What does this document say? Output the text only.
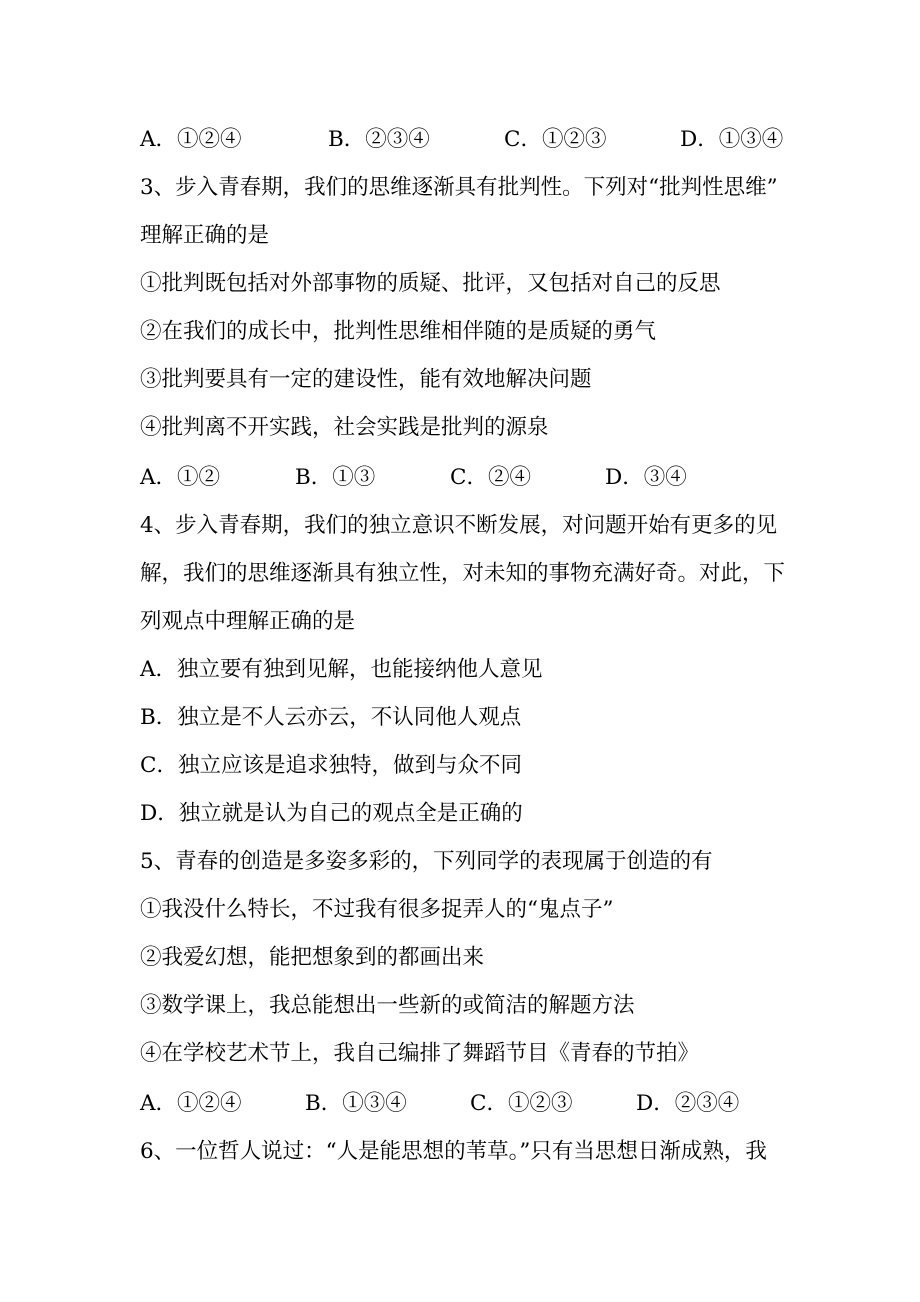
A．①②④	B．②③④	C．①②③	D．①③④
3、步入青春期，我们的思维逐渐具有批判性。下列对“批判性思维”
理解正确的是
①批判既包括对外部事物的质疑、批评，又包括对自己的反思
②在我们的成长中，批判性思维相伴随的是质疑的勇气
③批判要具有一定的建设性，能有效地解决问题
④批判离不开实践，社会实践是批判的源泉
A．①②	B．①③	C．②④	D．③④
4、步入青春期，我们的独立意识不断发展，对问题开始有更多的见
解，我们的思维逐渐具有独立性，对未知的事物充满好奇。对此，下
列观点中理解正确的是
A．独立要有独到见解，也能接纳他人意见
B．独立是不人云亦云，不认同他人观点
C．独立应该是追求独特，做到与众不同
D．独立就是认为自己的观点全是正确的
5、青春的创造是多姿多彩的，下列同学的表现属于创造的有
①我没什么特长，不过我有很多捉弄人的“鬼点子”
②我爱幻想，能把想象到的都画出来
③数学课上，我总能想出一些新的或简洁的解题方法
④在学校艺术节上，我自己编排了舞蹈节目《青春的节拍》
A．①②④	B．①③④	C．①②③	D．②③④
6、一位哲人说过：“人是能思想的苇草。”只有当思想日渐成熟，我
